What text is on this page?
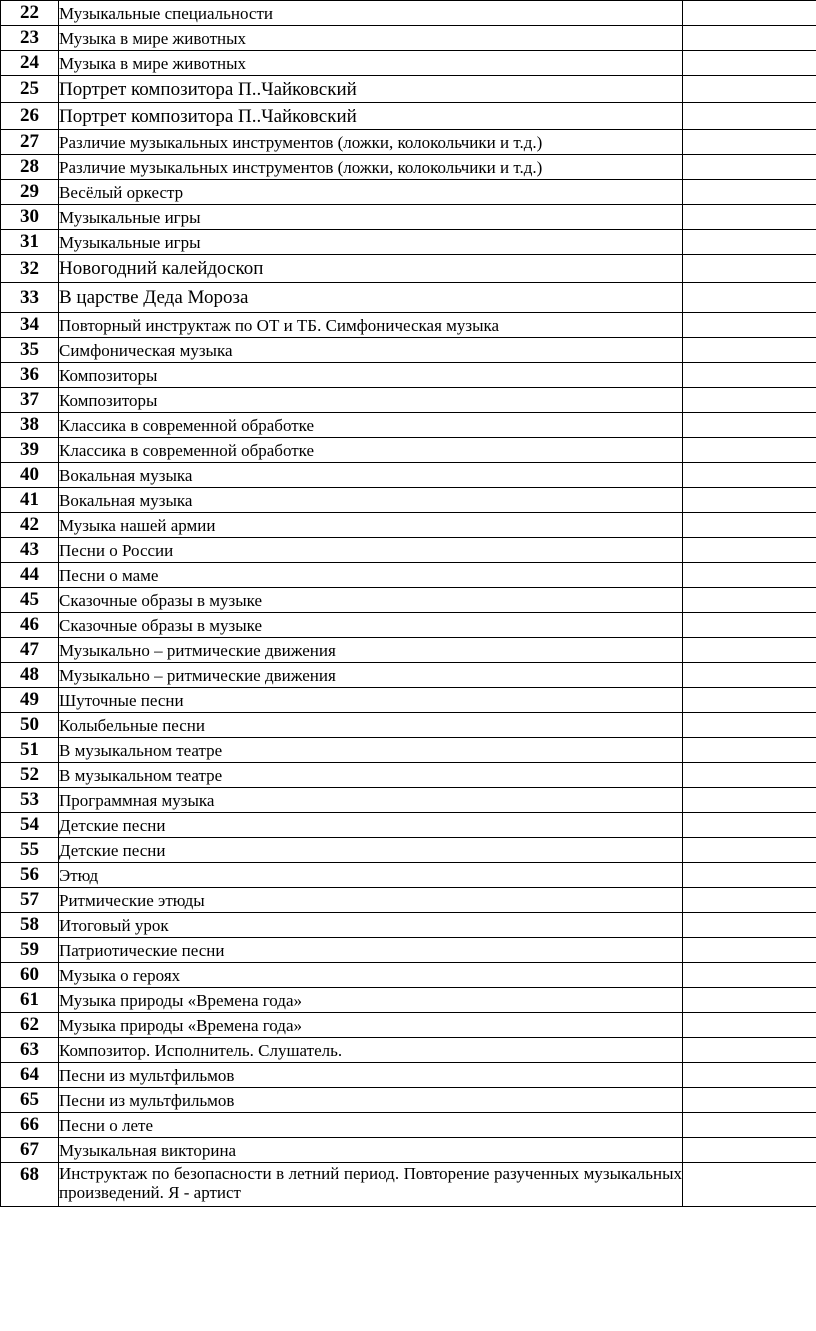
22	Музыкальные специальности	
23	Музыка в мире животных	
24	Музыка в мире животных	
25	Портрет композитора П..Чайковский	
26	Портрет композитора П..Чайковский	
27	Различие музыкальных инструментов (ложки, колокольчики и т.д.)	
28	Различие музыкальных инструментов (ложки, колокольчики и т.д.)	
29	Весёлый оркестр	
30	Музыкальные игры	
31	Музыкальные игры	
32	Новогодний калейдоскоп	
33	В царстве Деда Мороза	
34	Повторный инструктаж по ОТ и ТБ. Симфоническая музыка	
35	Симфоническая музыка	
36	Композиторы	
37	Композиторы	
38	Классика в современной обработке	
39	Классика в современной обработке	
40	Вокальная музыка	
41	Вокальная музыка	
42	Музыка нашей армии	
43	Песни о России	
44	Песни о маме	
45	Сказочные образы в музыке	
46	Сказочные образы в музыке	
47	Музыкально – ритмические движения	
48	Музыкально – ритмические движения	
49	Шуточные песни	
50	Колыбельные песни	
51	В музыкальном театре	
52	В музыкальном театре	
53	Программная музыка	
54	Детские песни	
55	Детские песни	
56	Этюд	
57	Ритмические этюды	
58	Итоговый урок	
59	Патриотические песни	
60	Музыка о героях	
61	Музыка природы «Времена года»	
62	Музыка природы «Времена года»	
63	Композитор. Исполнитель. Слушатель.	
64	Песни из мультфильмов	
65	Песни из мультфильмов	
66	Песни о лете	
67	Музыкальная викторина	
68	Инструктаж по безопасности в летний период. Повторение разученных музыкальных произведений. Я - артист	
